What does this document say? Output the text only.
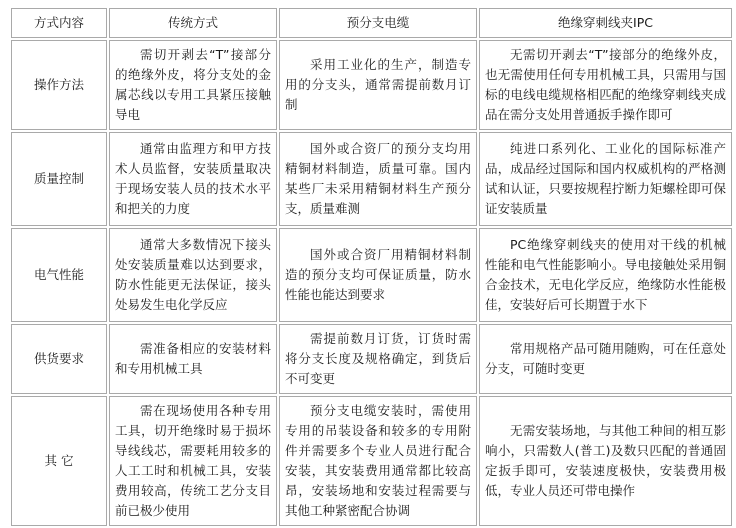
方式内容	传统方式	预分支电缆	绝缘穿刺线夹IPC
操作方法	需切开剥去“T”接部分的绝缘外皮，将分支处的金属芯线以专用工具紧压接触导电	采用工业化的生产，制造专用的分支头，通常需提前数月订制	无需切开剥去“T”接部分的绝缘外皮，也无需使用任何专用机械工具，只需用与国标的电线电缆规格相匹配的绝缘穿刺线夹成品在需分支处用普通扳手操作即可
质量控制	通常由监理方和甲方技术人员监督，安装质量取决于现场安装人员的技术水平和把关的力度	国外或合资厂的预分支均用精铜材料制造，质量可靠。国内某些厂未采用精铜材料生产预分支，质量难测	纯进口系列化、工业化的国际标准产品，成品经过国际和国内权威机构的严格测试和认证，只要按规程拧断力矩螺栓即可保证安装质量
电气性能	通常大多数情况下接头处安装质量难以达到要求，防水性能更无法保证，接头处易发生电化学反应	国外或合资厂用精铜材料制造的预分支均可保证质量，防水性能也能达到要求	PC绝缘穿刺线夹的使用对干线的机械性能和电气性能影响小。导电接触处采用铜合金技术，无电化学反应，绝缘防水性能极佳，安装好后可长期置于水下
供货要求	需准备相应的安装材料和专用机械工具	需提前数月订货，订货时需将分支长度及规格确定，到货后不可变更	常用规格产品可随用随购，可在任意处分支，可随时变更
其 它	需在现场使用各种专用工具，切开绝缘时易于损坏导线线芯，需要耗用较多的人工工时和机械工具，安装费用较高，传统工艺分支目前已极少使用	预分支电缆安装时，需使用专用的吊装设备和较多的专用附件并需要多个专业人员进行配合安装，其安装费用通常都比较高昂，安装场地和安装过程需要与其他工种紧密配合协调	无需安装场地，与其他工种间的相互影响小，只需数人(普工)及数只匹配的普通固定扳手即可，安装速度极快，安装费用极低，专业人员还可带电操作
